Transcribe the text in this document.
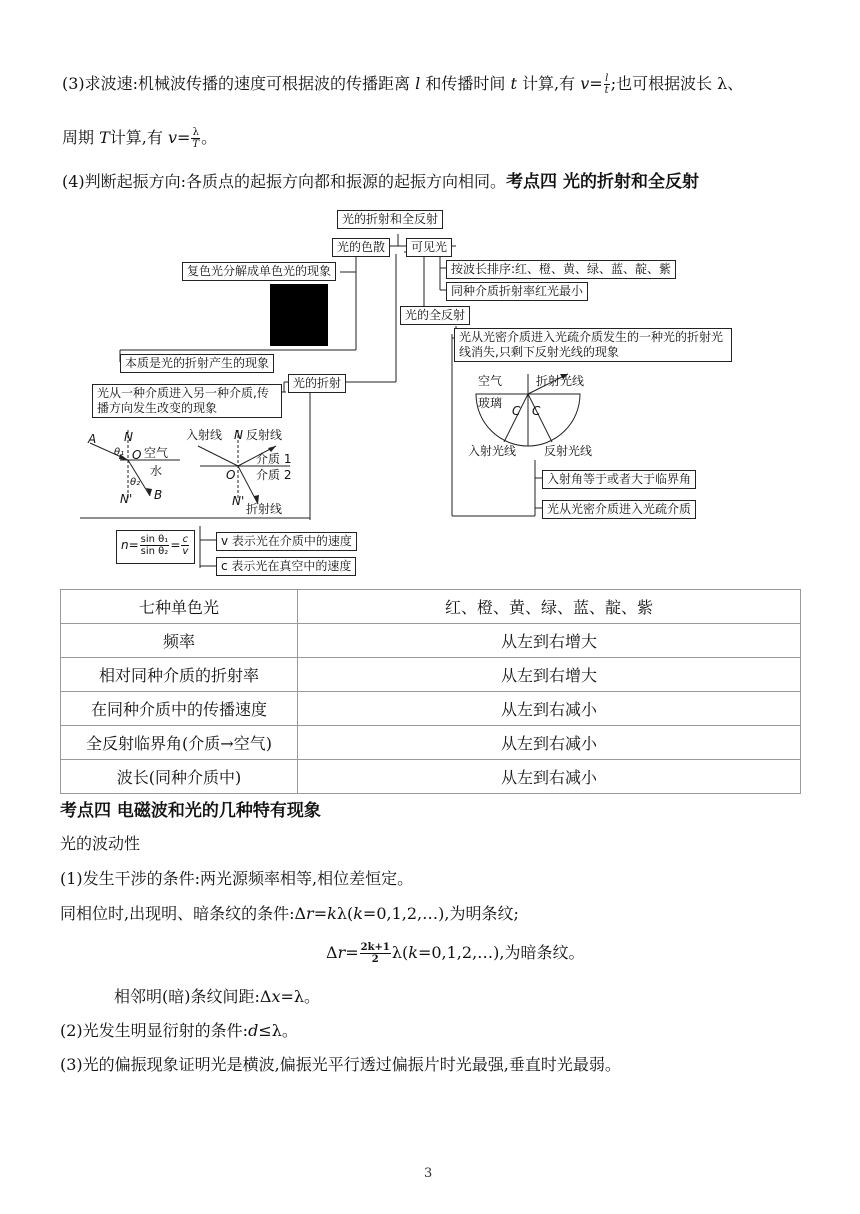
(3)求波速:机械波传播的速度可根据波的传播距离 l 和传播时间 t 计算,有 $v= \frac{l}{t}$ ;也可根据波长 λ、
周期 T计算,有 $v= \frac{\lambda}{T}$ 。
(4)判断起振方向:各质点的起振方向都和振源的起振方向相同。考点四 光的折射和全反射
光的折射和全反射
光的色散	可见光
复色光分解成单色光的现象	按波长排序:红、橙、黄、绿、蓝、靛、紫
同种介质折射率红光最小
本质是光的折射产生的现象
光的全反射
光从光密介质进入光疏介质发生的一种光的折射光线消失,只剩下反射光线的现象
光的折射
光从一种介质进入另一种介质,传播方向发生改变的现象
A N
θ₁ O 空气
水
θ₂
N' B
入射线 N 反射线
介质 1
O 介质 2
N'
折射线
空气	折射光线
玻璃
C C
入射光线 反射光线
入射角等于或者大于临界角
光从光密介质进入光疏介质
$n= \frac{\text{sin θ₁}}{\text{sin θ₂}} = \frac{c}{v}$	v 表示光在介质中的速度
c 表示光在真空中的速度
七种单色光	红、橙、黄、绿、蓝、靛、紫
频率	从左到右增大
相对同种介质的折射率	从左到右增大
在同种介质中的传播速度	从左到右减小
全反射临界角(介质→空气)	从左到右减小
波长(同种介质中)	从左到右减小
考点四 电磁波和光的几种特有现象
光的波动性
(1)发生干涉的条件:两光源频率相等,相位差恒定。
同相位时,出现明、暗条纹的条件:Δr=kλ(k=0,1,2,…),为明条纹;
$\Delta r= \frac{2k+1}{2}$ λ(k=0,1,2,…),为暗条纹。
相邻明(暗)条纹间距:Δx=λ。
(2)光发生明显衍射的条件:d≤λ。
(3)光的偏振现象证明光是横波,偏振光平行透过偏振片时光最强,垂直时光最弱。
3
